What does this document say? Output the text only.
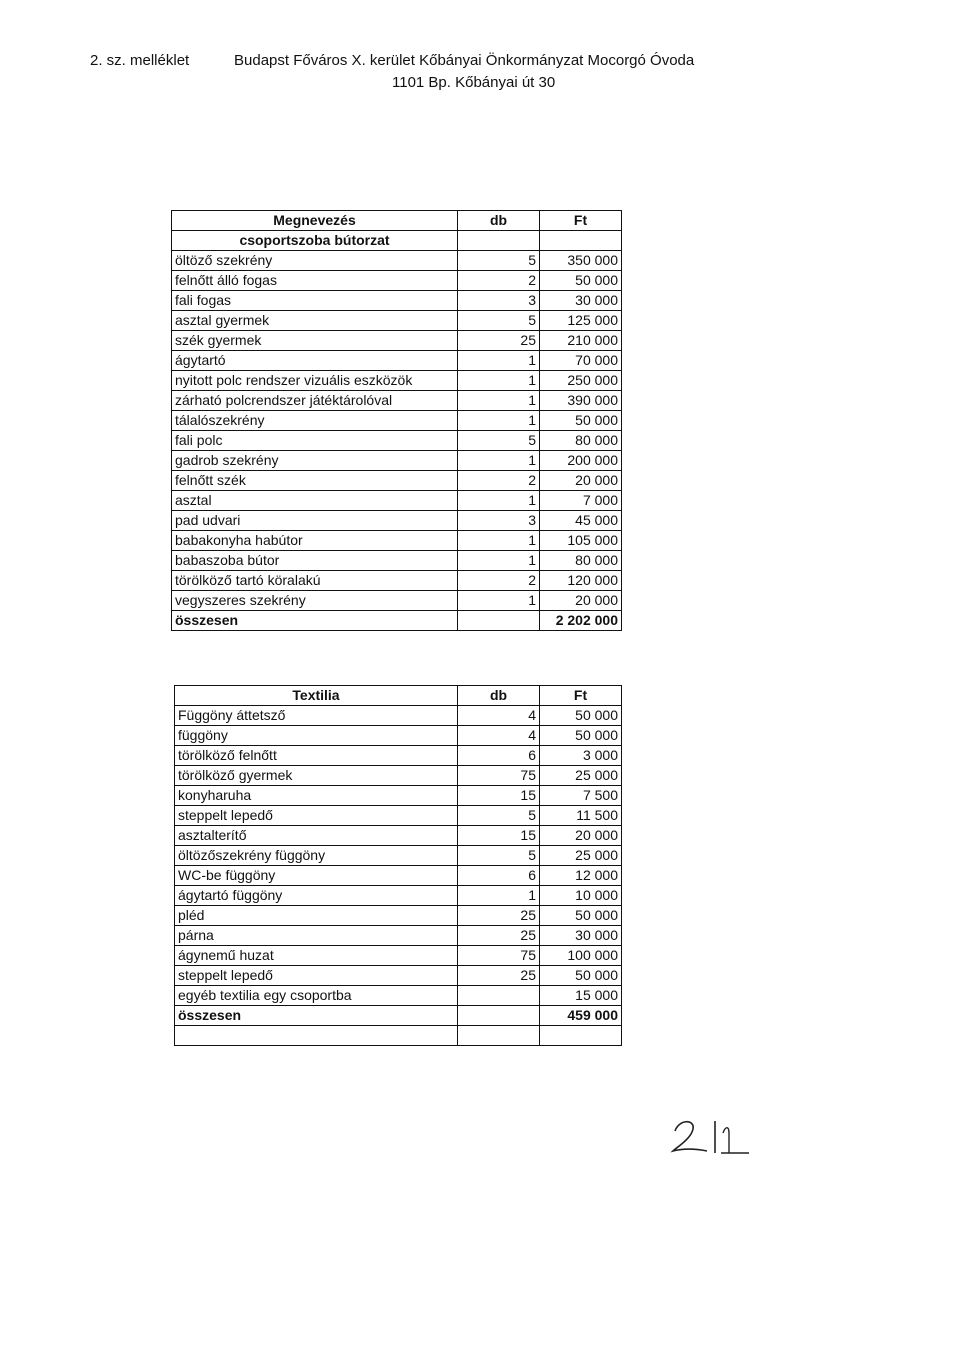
2. sz. melléklet	Budapst Főváros X. kerület Kőbányai Önkormányzat Mocorgó Óvoda
1101 Bp. Kőbányai út 30
Megnevezés	db	Ft
csoportszoba bútorzat		
öltöző szekrény	5	350 000
felnőtt álló fogas	2	50 000
fali fogas	3	30 000
asztal gyermek	5	125 000
szék gyermek	25	210 000
ágytartó	1	70 000
nyitott polc rendszer vizuális eszközök	1	250 000
zárható polcrendszer játéktárolóval	1	390 000
tálalószekrény	1	50 000
fali polc	5	80 000
gadrob szekrény	1	200 000
felnőtt szék	2	20 000
asztal	1	7 000
pad udvari	3	45 000
babakonyha habútor	1	105 000
babaszoba bútor	1	80 000
törölköző tartó köralakú	2	120 000
vegyszeres szekrény	1	20 000
összesen		2 202 000
Textilia	db	Ft
Függöny áttetsző	4	50 000
függöny	4	50 000
törölköző felnőtt	6	3 000
törölköző gyermek	75	25 000
konyharuha	15	7 500
steppelt lepedő	5	11 500
asztalterítő	15	20 000
öltözőszekrény függöny	5	25 000
WC-be függöny	6	12 000
ágytartó függöny	1	10 000
pléd	25	50 000
párna	25	30 000
ágynemű huzat	75	100 000
steppelt lepedő	25	50 000
egyéb textilia egy csoportba		15 000
összesen		459 000
